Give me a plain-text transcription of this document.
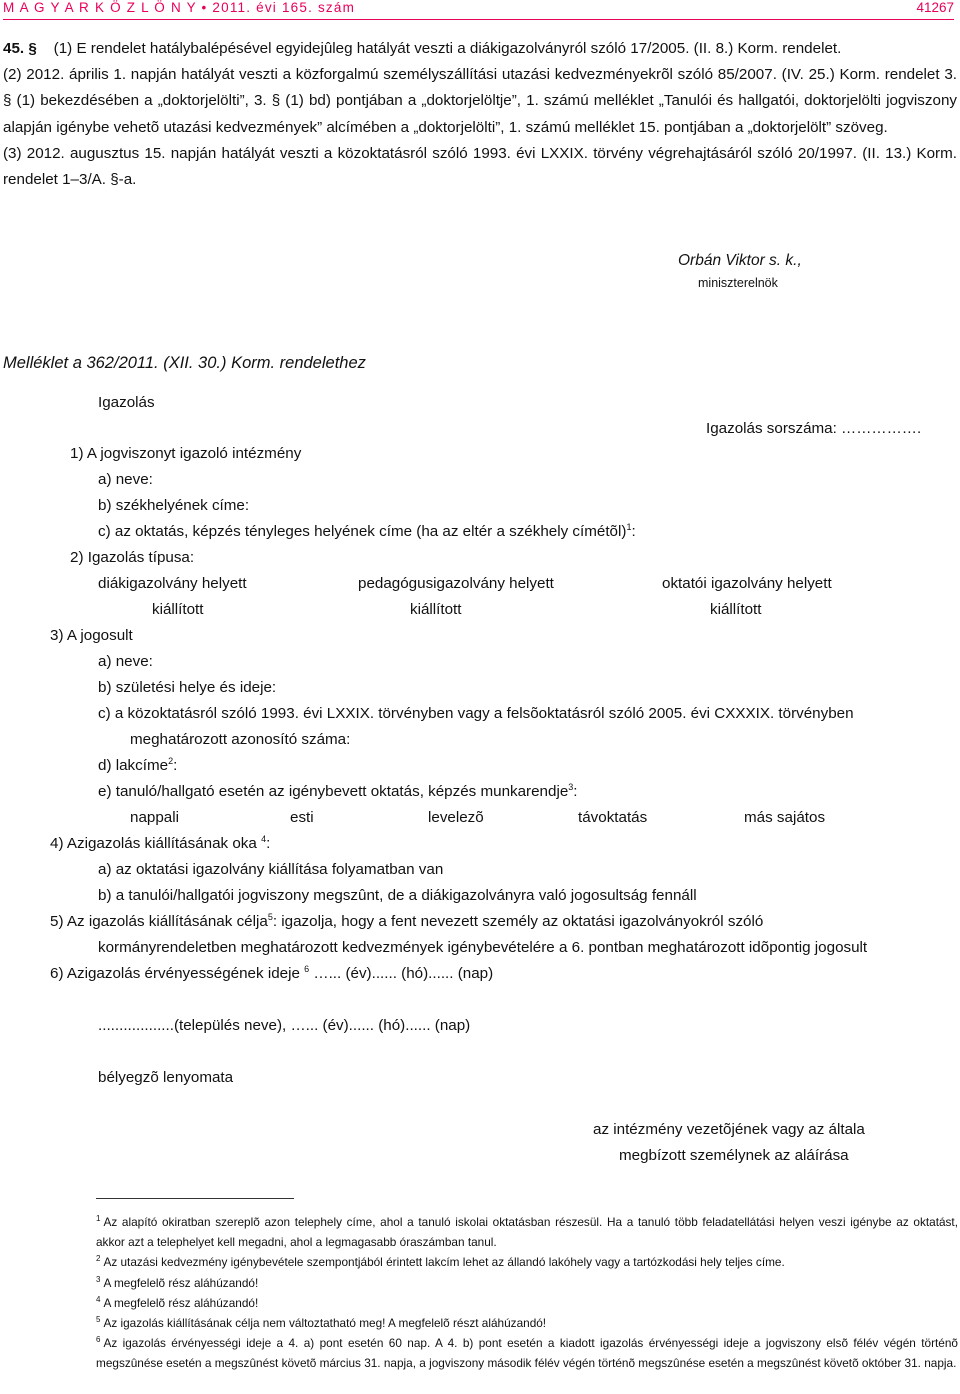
M A G Y A R K Ö Z L Ö N Y • 2011. évi 165. szám	41267

45. § (1) E rendelet hatálybalépésével egyidejûleg hatályát veszti a diákigazolványról szóló 17/2005. (II. 8.) Korm. rendelet.

(2) 2012. április 1. napján hatályát veszti a közforgalmú személyszállítási utazási kedvezményekrõl szóló 85/2007. (IV. 25.) Korm. rendelet 3. § (1) bekezdésében a „doktorjelölti”, 3. § (1) bd) pontjában a „doktorjelöltje”, 1. számú melléklet „Tanulói és hallgatói, doktorjelölti jogviszony alapján igénybe vehetõ utazási kedvezmények” alcímében a „doktorjelölti”, 1. számú melléklet 15. pontjában a „doktorjelölt” szöveg.

(3) 2012. augusztus 15. napján hatályát veszti a közoktatásról szóló 1993. évi LXXIX. törvény végrehajtásáról szóló 20/1997. (II. 13.) Korm. rendelet 1–3/A. §-a.

Orbán Viktor s. k.,
miniszterelnök
Melléklet a 362/2011. (XII. 30.) Korm. rendelethez
Igazolás
Igazolás sorszáma: …………….
1) A jogviszonyt igazoló intézmény
a) neve:
b) székhelyének címe:
c) az oktatás, képzés tényleges helyének címe (ha az eltér a székhely címétõl)$^1$:
2) Igazolás típusa:
diákigazolvány helyett
kiállított
pedagógusigazolvány helyett
kiállított
oktatói igazolvány helyett
kiállított
3) A jogosult
a) neve:
b) születési helye és ideje:
c) a közoktatásról szóló 1993. évi LXXIX. törvényben vagy a felsõoktatásról szóló 2005. évi CXXXIX. törvényben
meghatározott azonosító száma:
d) lakcíme$^2$:
e) tanuló/hallgató esetén az igénybevett oktatás, képzés munkarendje$^3$:
nappali	esti	levelezõ	távoktatás	más sajátos
4) Azigazolás kiállításának oka $^4$:
a) az oktatási igazolvány kiállítása folyamatban van
b) a tanulói/hallgatói jogviszony megszûnt, de a diákigazolványra való jogosultság fennáll
5) Az igazolás kiállításának célja$^5$: igazolja, hogy a fent nevezett személy az oktatási igazolványokról szóló
kormányrendeletben meghatározott kedvezmények igénybevételére a 6. pontban meghatározott idõpontig jogosult
6) Azigazolás érvényességének ideje $^6$ …... (év)...... (hó)...... (nap)
..................(település neve), …... (év)...... (hó)...... (nap)
bélyegzõ lenyomata
az intézmény vezetõjének vagy az általa
megbízott személynek az aláírása

$^1$ Az alapító okiratban szereplõ azon telephely címe, ahol a tanuló iskolai oktatásban részesül. Ha a tanuló több feladatellátási helyen veszi igénybe az oktatást, akkor azt a telephelyet kell megadni, ahol a legmagasabb óraszámban tanul.

$^2$ Az utazási kedvezmény igénybevétele szempontjából érintett lakcím lehet az állandó lakóhely vagy a tartózkodási hely teljes címe.

$^3$ A megfelelõ rész aláhúzandó!

$^4$ A megfelelõ rész aláhúzandó!

$^5$ Az igazolás kiállításának célja nem változtatható meg! A megfelelõ részt aláhúzandó!

$^6$ Az igazolás érvényességi ideje a 4. a) pont esetén 60 nap. A 4. b) pont esetén a kiadott igazolás érvényességi ideje a jogviszony elsõ félév végén történõ megszûnése esetén a megszûnést követõ március 31. napja, a jogviszony második félév végén történõ megszûnése esetén a megszûnést követõ október 31. napja.
